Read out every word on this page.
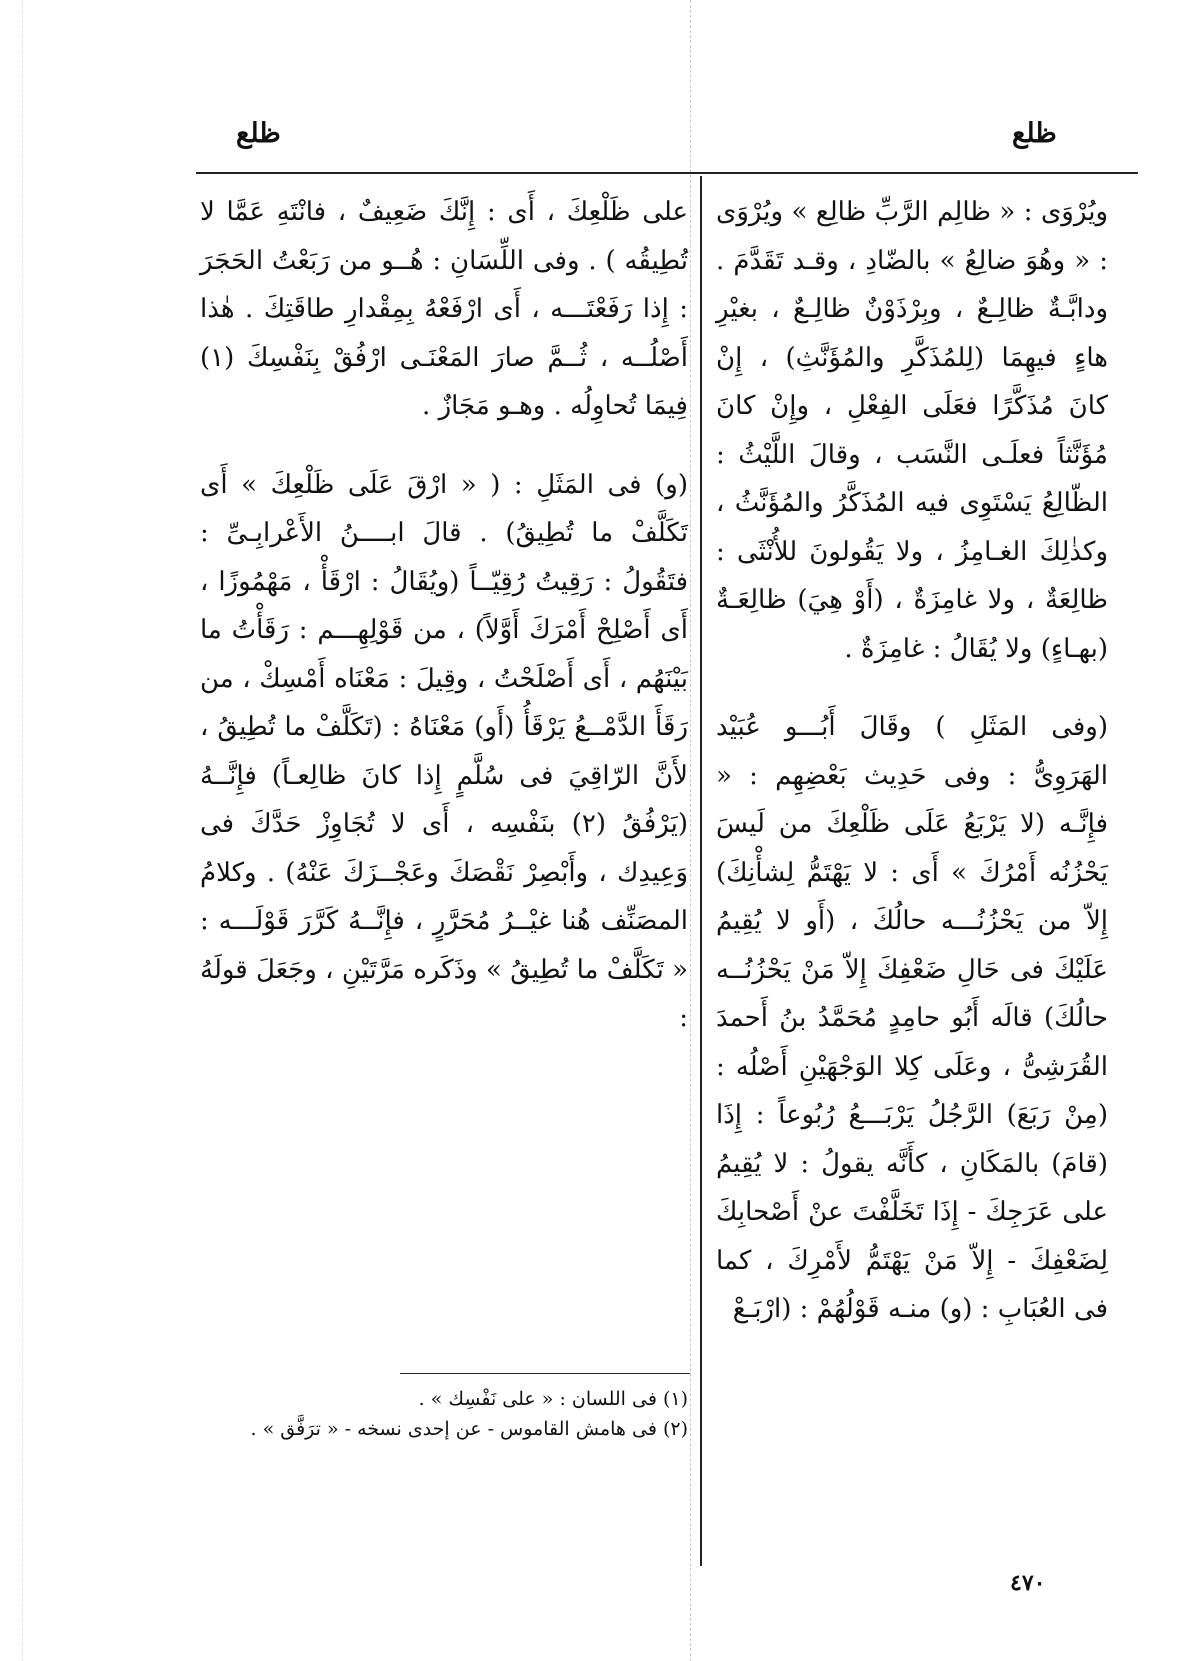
ظلع	ظلع

ويُرْوَى : « ظالِم الرَّبِّ ظالِع » ويُرْوَى : « وهُوَ ضالِعُ » بالضّادِ ، وقـد تَقَدَّمَ . ودابَّـةٌ ظالِـعٌ ، وبِرْذَوْنٌ ظالِـعٌ ، بغيْرِ هاءٍ فيهِمَا (لِلمُذَكَّرِ والمُؤَنَّثِ) ، إِنْ كانَ مُذَكَّرًا فعَلَى الفِعْلِ ، وإِنْ كانَ مُؤَنَّثاً فعلَـى النَّسَب ، وقالَ اللَّيْثُ : الظّالِعُ يَسْتَوِى فيه المُذَكَّرُ والمُؤَنَّثُ ، وكذٰلِكَ الغـامِزُ ، ولا يَقُولونَ للأُنْثَى : ظالِعَةٌ ، ولا غامِزَةٌ ، (أَوْ هِيَ) ظالِعَـةٌ (بهـاءٍ) ولا يُقَالُ : غامِزَةٌ .

(وفى المَثَلِ ) وقَالَ أَبُـــو عُبَيْد الهَرَوِىُّ : وفى حَدِيث بَعْضِهِم : « فإِنَّـه (لا يَرْبَعُ عَلَى ظَلْعِكَ من لَيسَ يَحْزُنُه أَمْرُكَ » أَى : لا يَهْتَمُّ لِشأْنِكَ) إِلاّ من يَحْزُنُـــه حالُكَ ، (أَو لا يُقِيمُ عَلَيْكَ فى حَالِ ضَعْفِكَ إِلاّ مَنْ يَحْزُنُــه حالُكَ) قالَه أَبُو حامِدٍ مُحَمَّدُ بنُ أَحمدَ القُرَشِىُّ ، وعَلَى كِلا الوَجْهَيْنِ أَصْلُه : (مِنْ رَبَعَ) الرَّجُلُ يَرْبَـــعُ رُبُوعاً : إِذَا (قامَ) بالمَكَانِ ، كأَنَّه يقولُ : لا يُقِيمُ على عَرَجِكَ - إِذَا تَخَلَّفْتَ عنْ أَصْحابِكَ لِضَعْفِكَ - إِلاّ مَنْ يَهْتَمُّ لأَمْرِكَ ، كما فى العُبَابِ : (و) منـه قَوْلُهُمْ : (ارْبَـعْ

على ظَلْعِكَ ، أَى : إِنَّكَ ضَعِيفٌ ، فانْتَهِ عَمَّا لا تُطِيقُه ) . وفى اللِّسَانِ : هُــو من رَبَعْتُ الحَجَرَ : إِذا رَفَعْتَـــه ، أَى ارْفَعْهُ بِمِقْدارِ طاقَتِكَ . هٰذا أَصْلُــه ، ثُــمَّ صارَ المَعْنَـى ارْفُقْ بِنَفْسِكَ (١) فِيمَا تُحاوِلُه . وهـو مَجَازٌ .

(و) فى المَثَلِ : ( « ارْقَ عَلَى ظَلْعِكَ » أَى تَكَلَّفْ ما تُطِيقُ) . قالَ ابــــنُ الأَعْرابِـىِّ : فتَقُولُ : رَقِيتُ رُقِيّــاً (ويُقَالُ : ارْقَأْ ، مَهْمُوزًا ، أَى أَصْلِحْ أَمْرَكَ أَوَّلاً) ، من قَوْلِهِـــم : رَقَأْتُ ما بَيْنَهُم ، أَى أَصْلَحْتُ ، وقِيلَ : مَعْنَاه أَمْسِكْ ، من رَقَأَ الدَّمْــعُ يَرْقَأُ (أَو) مَعْنَاهُ : (تَكَلَّفْ ما تُطِيقُ ، لأَنَّ الرّاقِيَ فى سُلَّمٍ إِذا كانَ ظالِعـاً) فإِنَّــهُ (يَرْفُقُ (٢) بنَفْسِه ، أَى لا تُجَاوِزْ حَدَّكَ فى وَعِيدِك ، وأَبْصِرْ نَقْصَكَ وعَجْــزَكَ عَنْهُ) . وكلامُ المصَنِّف هُنا غيْــرُ مُحَرَّرٍ ، فإِنَّــهُ كَرَّرَ قَوْلَـــه : « تَكَلَّفْ ما تُطِيقُ » وذَكَره مَرَّتَيْنِ ، وجَعَلَ قولَهُ :

(١) فى اللسان : « على نَفْسِك » .

(٢) فى هامش القاموس - عن إحدى نسخه - « ترَفَّق » .

٤٧٠
